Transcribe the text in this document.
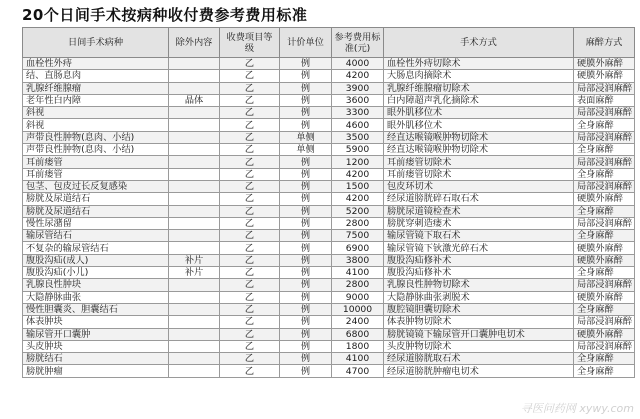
20个日间手术按病种收付费参考费用标准
日间手术病种	除外内容	收费项目等级	计价单位	参考费用标准(元)	手术方式	麻醉方式
血栓性外痔		乙	例	4000	血栓性外痔切除术	硬膜外麻醉
结、直肠息肉		乙	例	4200	大肠息肉摘除术	硬膜外麻醉
乳腺纤维腺瘤		乙	例	3900	乳腺纤维腺瘤切除术	局部浸润麻醉
老年性白内障	晶体	乙	例	3600	白内障超声乳化摘除术	表面麻醉
斜视		乙	例	3300	眼外肌移位术	局部浸润麻醉
斜视		乙	例	4600	眼外肌移位术	全身麻醉
声带良性肿物(息肉、小结)		乙	单侧	3500	经直达喉镜喉肿物切除术	局部浸润麻醉
声带良性肿物(息肉、小结)		乙	单侧	5900	经直达喉镜喉肿物切除术	全身麻醉
耳前瘘管		乙	例	1200	耳前瘘管切除术	局部浸润麻醉
耳前瘘管		乙	例	4200	耳前瘘管切除术	全身麻醉
包茎、包皮过长反复感染		乙	例	1500	包皮环切术	局部浸润麻醉
膀胱及尿道结石		乙	例	4200	经尿道膀胱碎石取石术	硬膜外麻醉
膀胱及尿道结石		乙	例	5200	膀胱尿道镜检查术	全身麻醉
慢性尿潴留		乙	例	2800	膀胱穿刺造瘘术	局部浸润麻醉
输尿管结石		乙	例	7500	输尿管镜下取石术	全身麻醉
不复杂的输尿管结石		乙	例	6900	输尿管镜下钬激光碎石术	硬膜外麻醉
腹股沟疝(成人)	补片	乙	例	3800	腹股沟疝修补术	硬膜外麻醉
腹股沟疝(小儿)	补片	乙	例	4100	腹股沟疝修补术	全身麻醉
乳腺良性肿块		乙	例	2800	乳腺良性肿物切除术	局部浸润麻醉
大隐静脉曲张		乙	例	9000	大隐静脉曲张剥脱术	硬膜外麻醉
慢性胆囊炎、胆囊结石		乙	例	10000	腹腔镜胆囊切除术	全身麻醉
体表肿块		乙	例	2400	体表肿物切除术	局部浸润麻醉
输尿管开口囊肿		乙	例	6800	膀胱镜镜下输尿管开口囊肿电切术	硬膜外麻醉
头皮肿块		乙	例	1800	头皮肿物切除术	局部浸润麻醉
膀胱结石		乙	例	4100	经尿道膀胱取石术	全身麻醉
膀胱肿瘤		乙	例	4700	经尿道膀胱肿瘤电切术	全身麻醉
寻医问药网 xywy.com
